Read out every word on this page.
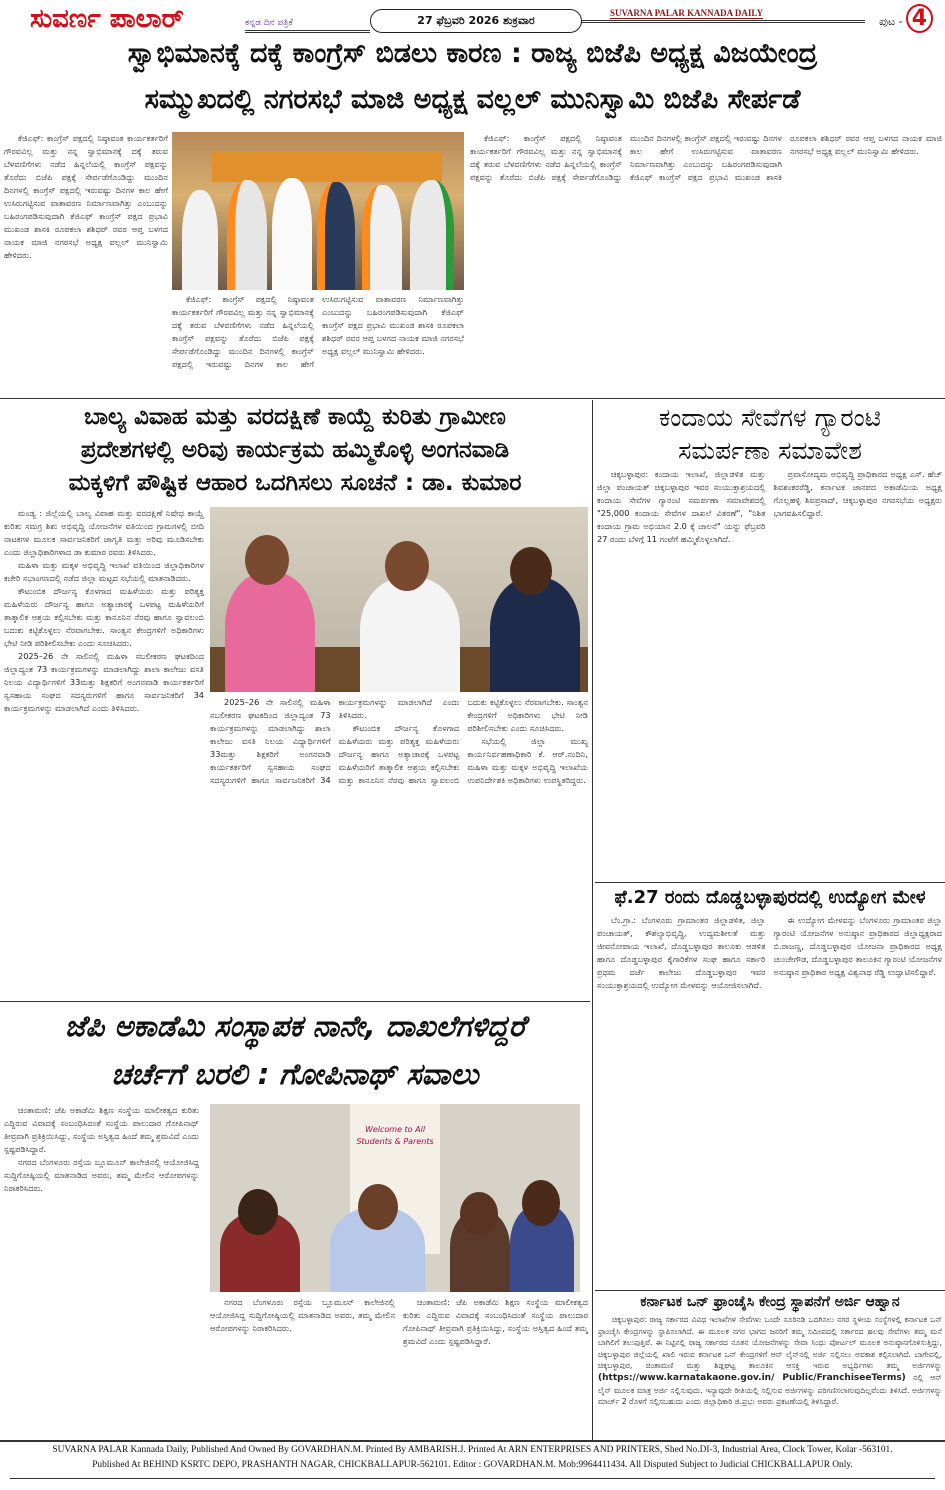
ಸುವರ್ಣ ಪಾಲಾರ್	ಕನ್ನಡ ದಿನ ಪತ್ರಿಕೆ	27 ಫೆಬ್ರವರಿ 2026 ಶುಕ್ರವಾರ
SUVARNA PALAR KANNADA DAILY
ಪುಟ - 4
ಸ್ವಾಭಿಮಾನಕ್ಕೆ ದಕ್ಕೆ ಕಾಂಗ್ರೆಸ್ ಬಿಡಲು ಕಾರಣ : ರಾಜ್ಯ ಬಿಜೆಪಿ ಅಧ್ಯಕ್ಷ ವಿಜಯೇಂದ್ರ
ಸಮ್ಮುಖದಲ್ಲಿ ನಗರಸಭೆ ಮಾಜಿ ಅಧ್ಯಕ್ಷ ವಲ್ಲಲ್ ಮುನಿಸ್ವಾಮಿ ಬಿಜೆಪಿ ಸೇರ್ಪಡೆ

ಕೆಜಿಎಫ್: ಕಾಂಗ್ರೆಸ್ ಪಕ್ಷದಲ್ಲಿ ನಿಷ್ಠಾವಂತ ಕಾರ್ಯಕರ್ತರಿಗೆ ಗೌರವವಿಲ್ಲ ಮತ್ತು ನನ್ನ ಸ್ವಾಭಿಮಾನಕ್ಕೆ ದಕ್ಕೆ ತರುವ ಬೆಳವಣಿಗೆಗಳು ನಡೆದ ಹಿನ್ನಲೆಯಲ್ಲಿ ಕಾಂಗ್ರೆಸ್ ಪಕ್ಷವನ್ನು ತೊರೆದು ಬಿಜೆಪಿ ಪಕ್ಷಕ್ಕೆ ಸೇರ್ಪಡೆಗೊಂಡಿದ್ದು ಮುಂದಿನ ದಿನಗಳಲ್ಲಿ ಕಾಂಗ್ರೆಸ್ ಪಕ್ಷದಲ್ಲಿ ಇರುವಷ್ಟು ದಿನಗಳ ಕಾಲ ಹೇಗೆ ಉಸಿರುಗಟ್ಟಿಸುವ ವಾತಾವರಣ ನಿರ್ಮಾಣವಾಗಿತ್ತು ಎಂಬುದನ್ನು ಬಹಿರಂಗಪಡಿಸುವುದಾಗಿ ಕೆಜಿಎಫ್ ಕಾಂಗ್ರೆಸ್ ಪಕ್ಷದ ಪ್ರಭಾವಿ ಮುಖಂಡ ಶಾಸಕಿ ರೂಪಕಲಾ ಶಶಿಧರ್ ರವರ ಆಪ್ತ ಬಳಗದ ನಾಯಕ ಮಾಜಿ ನಗರಸಭೆ ಅಧ್ಯಕ್ಷ ವಲ್ಲಲ್ ಮುನಿಸ್ವಾಮಿ ಹೇಳಿದರು.

ಕೆಜಿಎಫ್: ಕಾಂಗ್ರೆಸ್ ಪಕ್ಷದಲ್ಲಿ ನಿಷ್ಠಾವಂತ ಕಾರ್ಯಕರ್ತರಿಗೆ ಗೌರವವಿಲ್ಲ ಮತ್ತು ನನ್ನ ಸ್ವಾಭಿಮಾನಕ್ಕೆ ದಕ್ಕೆ ತರುವ ಬೆಳವಣಿಗೆಗಳು ನಡೆದ ಹಿನ್ನಲೆಯಲ್ಲಿ ಕಾಂಗ್ರೆಸ್ ಪಕ್ಷವನ್ನು ತೊರೆದು ಬಿಜೆಪಿ ಪಕ್ಷಕ್ಕೆ ಸೇರ್ಪಡೆಗೊಂಡಿದ್ದು ಮುಂದಿನ ದಿನಗಳಲ್ಲಿ ಕಾಂಗ್ರೆಸ್ ಪಕ್ಷದಲ್ಲಿ ಇರುವಷ್ಟು ದಿನಗಳ ಕಾಲ ಹೇಗೆ ಉಸಿರುಗಟ್ಟಿಸುವ ವಾತಾವರಣ ನಿರ್ಮಾಣವಾಗಿತ್ತು ಎಂಬುದನ್ನು ಬಹಿರಂಗಪಡಿಸುವುದಾಗಿ ಕೆಜಿಎಫ್ ಕಾಂಗ್ರೆಸ್ ಪಕ್ಷದ ಪ್ರಭಾವಿ ಮುಖಂಡ ಶಾಸಕಿ ರೂಪಕಲಾ ಶಶಿಧರ್ ರವರ ಆಪ್ತ ಬಳಗದ ನಾಯಕ ಮಾಜಿ ನಗರಸಭೆ ಅಧ್ಯಕ್ಷ ವಲ್ಲಲ್ ಮುನಿಸ್ವಾಮಿ ಹೇಳಿದರು.

ಕೆಜಿಎಫ್: ಕಾಂಗ್ರೆಸ್ ಪಕ್ಷದಲ್ಲಿ ನಿಷ್ಠಾವಂತ ಕಾರ್ಯಕರ್ತರಿಗೆ ಗೌರವವಿಲ್ಲ ಮತ್ತು ನನ್ನ ಸ್ವಾಭಿಮಾನಕ್ಕೆ ದಕ್ಕೆ ತರುವ ಬೆಳವಣಿಗೆಗಳು ನಡೆದ ಹಿನ್ನಲೆಯಲ್ಲಿ ಕಾಂಗ್ರೆಸ್ ಪಕ್ಷವನ್ನು ತೊರೆದು ಬಿಜೆಪಿ ಪಕ್ಷಕ್ಕೆ ಸೇರ್ಪಡೆಗೊಂಡಿದ್ದು ಮುಂದಿನ ದಿನಗಳಲ್ಲಿ ಕಾಂಗ್ರೆಸ್ ಪಕ್ಷದಲ್ಲಿ ಇರುವಷ್ಟು ದಿನಗಳ ಕಾಲ ಹೇಗೆ ಉಸಿರುಗಟ್ಟಿಸುವ ವಾತಾವರಣ ನಿರ್ಮಾಣವಾಗಿತ್ತು ಎಂಬುದನ್ನು ಬಹಿರಂಗಪಡಿಸುವುದಾಗಿ ಕೆಜಿಎಫ್ ಕಾಂಗ್ರೆಸ್ ಪಕ್ಷದ ಪ್ರಭಾವಿ ಮುಖಂಡ ಶಾಸಕಿ ರೂಪಕಲಾ ಶಶಿಧರ್ ರವರ ಆಪ್ತ ಬಳಗದ ನಾಯಕ ಮಾಜಿ ನಗರಸಭೆ ಅಧ್ಯಕ್ಷ ವಲ್ಲಲ್ ಮುನಿಸ್ವಾಮಿ ಹೇಳಿದರು.

ಬಾಲ್ಯ ವಿವಾಹ ಮತ್ತು ವರದಕ್ಷಿಣೆ ಕಾಯ್ದೆ ಕುರಿತು ಗ್ರಾಮೀಣ
ಪ್ರದೇಶಗಳಲ್ಲಿ ಅರಿವು ಕಾರ್ಯಕ್ರಮ ಹಮ್ಮಿಕೊಳ್ಳಿ ಅಂಗನವಾಡಿ
ಮಕ್ಕಳಿಗೆ ಪೌಷ್ಟಿಕ ಆಹಾರ ಒದಗಿಸಲು ಸೂಚನೆ : ಡಾ. ಕುಮಾರ

ಮಂಡ್ಯ : ಜಿಲ್ಲೆಯಲ್ಲಿ ಬಾಲ್ಯ ವಿವಾಹ ಮತ್ತು ವರದಕ್ಷಿಣೆ ನಿಷೇಧ ಕಾಯ್ದೆ ಕುರಿತು ಸಮಗ್ರ ಶಿಶು ಅಭಿವೃದ್ಧಿ ಯೋಜನೆಗಳ ವತಿಯಿಂದ ಗ್ರಾಮಗಳಲ್ಲಿ ಬೀದಿ ನಾಟಕಗಳ ಮೂಲಕ ಸಾರ್ವಜನಿಕರಿಗೆ ಜಾಗೃತಿ ಮತ್ತು ಅರಿವು ಮೂಡಿಸಬೇಕು ಎಂದು ಜಿಲ್ಲಾಧಿಕಾರಿಗಳಾದ ಡಾ ಕುಮಾರ ರವರು ತಿಳಿಸಿದರು.

ಮಹಿಳಾ ಮತ್ತು ಮಕ್ಕಳ ಅಭಿವೃದ್ಧಿ ಇಲಾಖೆ ವತಿಯಿಂದ ಜಿಲ್ಲಾಧಿಕಾರಿಗಳ ಕಚೇರಿ ಸಭಾಂಗಣದಲ್ಲಿ ನಡೆದ ಜಿಲ್ಲಾ ಮಟ್ಟದ ಸಭೆಯಲ್ಲಿ ಮಾತನಾಡಿದರು.

ಕೌಟುಂಬಿಕ ದೌರ್ಜನ್ಯ ಕೊಳಗಾದ ಮಹಿಳೆಯರು ಮತ್ತು ಪರಿತ್ಯಕ್ತ ಮಹಿಳೆಯರು ದೌರ್ಜನ್ಯ ಹಾಗೂ ಅತ್ಯಾಚಾರಕ್ಕೆ ಒಳಪಟ್ಟ ಮಹಿಳೆಯರಿಗೆ ತಾತ್ಕಾಲಿಕ ಆಶ್ರಯ ಕಲ್ಪಿಸಬೇಕು ಮತ್ತು ಕಾನೂನಿನ ನೆರವು ಹಾಗೂ ಸ್ವಾವಲಂಬಿ ಬದುಕು ಕಟ್ಟಿಕೊಳ್ಳಲು ನೆರವಾಗಬೇಕು. ಸಾಂತ್ವನ ಕೇಂದ್ರಗಳಿಗೆ ಅಧಿಕಾರಿಗಳು ಭೇಟಿ ನೀಡಿ ಪರಿಶೀಲಿಸಬೇಕು ಎಂದು ಸೂಚಿಸಿದರು.

2025–26 ನೇ ಸಾಲಿನಲ್ಲಿ ಮಹಿಳಾ ಸಬಲೀಕರಣ ಘಟಕದಿಂದ ಜಿಲ್ಲಾದ್ಯಂತ 73 ಕಾರ್ಯಕ್ರಮಗಳನ್ನು ಮಾಡಲಾಗಿದ್ದು ಶಾಲಾ ಕಾಲೇಜು ವಸತಿ ನಿಲಯ ವಿದ್ಯಾರ್ಥಿಗಳಿಗೆ 33ಮತ್ತು ಶಿಕ್ಷಕರಿಗೆ ಅಂಗನವಾಡಿ ಕಾರ್ಯಕರ್ತರಿಗೆ ಸ್ವಸಹಾಯ ಸಂಘದ ಸದಸ್ಯರುಗಳಿಗೆ ಹಾಗೂ ಸಾರ್ವಜನಿಕರಿಗೆ 34 ಕಾರ್ಯಕ್ರಮಗಳನ್ನು ಮಾಡಲಾಗಿದೆ ಎಂದು ತಿಳಿಸಿದರು.

2025–26 ನೇ ಸಾಲಿನಲ್ಲಿ ಮಹಿಳಾ ಸಬಲೀಕರಣ ಘಟಕದಿಂದ ಜಿಲ್ಲಾದ್ಯಂತ 73 ಕಾರ್ಯಕ್ರಮಗಳನ್ನು ಮಾಡಲಾಗಿದ್ದು ಶಾಲಾ ಕಾಲೇಜು ವಸತಿ ನಿಲಯ ವಿದ್ಯಾರ್ಥಿಗಳಿಗೆ 33ಮತ್ತು ಶಿಕ್ಷಕರಿಗೆ ಅಂಗನವಾಡಿ ಕಾರ್ಯಕರ್ತರಿಗೆ ಸ್ವಸಹಾಯ ಸಂಘದ ಸದಸ್ಯರುಗಳಿಗೆ ಹಾಗೂ ಸಾರ್ವಜನಿಕರಿಗೆ 34 ಕಾರ್ಯಕ್ರಮಗಳನ್ನು ಮಾಡಲಾಗಿದೆ ಎಂದು ತಿಳಿಸಿದರು.

ಕೌಟುಂಬಿಕ ದೌರ್ಜನ್ಯ ಕೊಳಗಾದ ಮಹಿಳೆಯರು ಮತ್ತು ಪರಿತ್ಯಕ್ತ ಮಹಿಳೆಯರು ದೌರ್ಜನ್ಯ ಹಾಗೂ ಅತ್ಯಾಚಾರಕ್ಕೆ ಒಳಪಟ್ಟ ಮಹಿಳೆಯರಿಗೆ ತಾತ್ಕಾಲಿಕ ಆಶ್ರಯ ಕಲ್ಪಿಸಬೇಕು ಮತ್ತು ಕಾನೂನಿನ ನೆರವು ಹಾಗೂ ಸ್ವಾವಲಂಬಿ ಬದುಕು ಕಟ್ಟಿಕೊಳ್ಳಲು ನೆರವಾಗಬೇಕು. ಸಾಂತ್ವನ ಕೇಂದ್ರಗಳಿಗೆ ಅಧಿಕಾರಿಗಳು ಭೇಟಿ ನೀಡಿ ಪರಿಶೀಲಿಸಬೇಕು ಎಂದು ಸೂಚಿಸಿದರು.

ಸಭೆಯಲ್ಲಿ ಜಿಲ್ಲಾ ಮುಖ್ಯ ಕಾರ್ಯನಿರ್ವಹಣಾಧಿಕಾರಿ ಕೆ. ಆರ್.ನಂದಿನಿ, ಮಹಿಳಾ ಮತ್ತು ಮಕ್ಕಳ ಅಭಿವೃದ್ಧಿ ಇಲಾಖೆಯ ಉಪನಿರ್ದೇಶಕಿ ಅಧಿಕಾರಿಗಳು ಉಪಸ್ಥಿತರಿದ್ದರು.

ಕಂದಾಯ ಸೇವೆಗಳ ಗ್ಯಾರಂಟಿ
ಸಮರ್ಪಣಾ ಸಮಾವೇಶ

ಚಿಕ್ಕಬಳ್ಳಾಪುರ: ಕಂದಾಯ ಇಲಾಖೆ, ಜಿಲ್ಲಾಡಳಿತ ಮತ್ತು ಜಿಲ್ಲಾ ಪಂಚಾಯತ್ ಚಿಕ್ಕಬಳ್ಳಾಪುರ ಇವರ ಸಂಯುಕ್ತಾಶ್ರಯದಲ್ಲಿ ಕಂದಾಯ ಸೇವೆಗಳ ಗ್ಯಾರಂಟಿ ಸಮರ್ಪಣಾ ಸಮಾವೇಶದಲ್ಲಿ "25,000 ಕಂದಾಯ ಸೇವೆಗಳ ದಾಖಲೆ ವಿತರಣೆ", "ನಿಶಿತ ಕಂದಾಯ ಗ್ರಾಮ ಅಭಿಯಾನ 2.0 ಕ್ಕೆ ಚಾಲನೆ" ಯನ್ನು ಫೆಬ್ರವರಿ 27 ರಂದು ಬೆಳಗ್ಗೆ 11 ಗಂಟೆಗೆ ಹಮ್ಮಿಕೊಳ್ಳಲಾಗಿದೆ.

ಪ್ರವಾಸೋದ್ಯಮ ಅಭಿವೃದ್ಧಿ ಪ್ರಾಧಿಕಾರದ ಅಧ್ಯಕ್ಷ ಎಸ್. ಹೆಚ್ ಶಿವಶಂಕರರೆಡ್ಡಿ, ಕರ್ನಾಟಕ ಜಾನಪದ ಅಕಾಡೆಮಿಯ ಅಧ್ಯಕ್ಷ ಗೊಲ್ಲಹಳ್ಳಿ ಶಿವಪ್ರಸಾದ್, ಚಿಕ್ಕಬಳ್ಳಾಪುರ ನಗರಸಭೆಯ ಅಧ್ಯಕ್ಷರು ಭಾಗವಹಿಸಲಿದ್ದಾರೆ.

ಫೆ.27 ರಂದು ದೊಡ್ಡಬಳ್ಳಾಪುರದಲ್ಲಿ ಉದ್ಯೋಗ ಮೇಳ

ಬೆಂ.ಗ್ರಾ.: ಬೆಂಗಳೂರು ಗ್ರಾಮಾಂತರ ಜಿಲ್ಲಾಡಳಿತ, ಜಿಲ್ಲಾ ಪಂಚಾಯತ್, ಕೌಶಲ್ಯಾಭಿವೃದ್ಧಿ, ಉದ್ಯಮಶೀಲತೆ ಮತ್ತು ಜೀವನೋಪಾಯ ಇಲಾಖೆ, ದೊಡ್ಡಬಳ್ಳಾಪುರ ತಾಲೂಕು ಆಡಳಿತ ಹಾಗೂ ದೊಡ್ಡಬಳ್ಳಾಪುರ ಕೈಗಾರಿಕೆಗಳ ಸಂಘ ಹಾಗೂ ಸರ್ಕಾರಿ ಪ್ರಥಮ ದರ್ಜೆ ಕಾಲೇಜು ದೊಡ್ಡಬಳ್ಳಾಪುರ ಇವರ ಸಂಯುಕ್ತಾಶ್ರಯದಲ್ಲಿ ಉದ್ಯೋಗ ಮೇಳವನ್ನು ಆಯೋಜಿಸಲಾಗಿದೆ.

ಈ ಉದ್ಯೋಗ ಮೇಳವನ್ನು ಬೆಂಗಳೂರು ಗ್ರಾಮಾಂತರ ಜಿಲ್ಲಾ ಗ್ಯಾರಂಟಿ ಯೋಜನೆಗಳ ಅನುಷ್ಠಾನ ಪ್ರಾಧಿಕಾರದ ಜಿಲ್ಲಾಧ್ಯಕ್ಷರಾದ ಬಿ.ರಾಜಣ್ಣ, ದೊಡ್ಡಬಳ್ಳಾಪುರ ಯೋಜನಾ ಪ್ರಾಧಿಕಾರದ ಅಧ್ಯಕ್ಷ ಚುಂಚೇಗೌಡ, ದೊಡ್ಡಬಳ್ಳಾಪುರ ತಾಲೂಕಿನ ಗ್ಯಾರಂಟಿ ಯೋಜನೆಗಳ ಅನುಷ್ಠಾನ ಪ್ರಾಧಿಕಾರ ಅಧ್ಯಕ್ಷ ವಿಶ್ವನಾಥ ರೆಡ್ಡಿ ಉದ್ಘಾಟಿಸಲಿದ್ದಾರೆ.

ಜೆಪಿ ಅಕಾಡೆಮಿ ಸಂಸ್ಥಾಪಕ ನಾನೇ, ದಾಖಲೆಗಳಿದ್ದರೆ
ಚರ್ಚೆಗೆ ಬರಲಿ : ಗೋಪಿನಾಥ್ ಸವಾಲು

ಚಿಂತಾಮಣಿ: ಜೆಪಿ ಅಕಾಡೆಮಿ ಶಿಕ್ಷಣ ಸಂಸ್ಥೆಯ ಮಾಲೀಕತ್ವದ ಕುರಿತು ಎದ್ದಿರುವ ವಿವಾದಕ್ಕೆ ಸಂಬಂಧಿಸಿದಂತೆ ಸಂಸ್ಥೆಯ ಪಾಲುದಾರ ಗೋಪಿನಾಥ್ ತೀವ್ರವಾಗಿ ಪ್ರತಿಕ್ರಿಯಿಸಿದ್ದು, ಸಂಸ್ಥೆಯ ಅಸ್ತಿತ್ವದ ಹಿಂದೆ ತಮ್ಮ ಶ್ರಮವಿದೆ ಎಂದು ಸ್ಪಷ್ಟಪಡಿಸಿದ್ದಾರೆ.

ನಗರದ ಬೆಂಗಳೂರು ರಸ್ತೆಯ ಬ್ಲೂಮೂನ್ ಕಾಲೇಜಿನಲ್ಲಿ ಆಯೋಜಿಸಿದ್ದ ಸುದ್ದಿಗೋಷ್ಠಿಯಲ್ಲಿ ಮಾತನಾಡಿದ ಅವರು, ತಮ್ಮ ಮೇಲಿನ ಆರೋಪಗಳನ್ನು ನಿರಾಕರಿಸಿದರು.

Welcome to All Students & Parents

ನಗರದ ಬೆಂಗಳೂರು ರಸ್ತೆಯ ಬ್ಲೂಮೂನ್ ಕಾಲೇಜಿನಲ್ಲಿ ಆಯೋಜಿಸಿದ್ದ ಸುದ್ದಿಗೋಷ್ಠಿಯಲ್ಲಿ ಮಾತನಾಡಿದ ಅವರು, ತಮ್ಮ ಮೇಲಿನ ಆರೋಪಗಳನ್ನು ನಿರಾಕರಿಸಿದರು.

ಚಿಂತಾಮಣಿ: ಜೆಪಿ ಅಕಾಡೆಮಿ ಶಿಕ್ಷಣ ಸಂಸ್ಥೆಯ ಮಾಲೀಕತ್ವದ ಕುರಿತು ಎದ್ದಿರುವ ವಿವಾದಕ್ಕೆ ಸಂಬಂಧಿಸಿದಂತೆ ಸಂಸ್ಥೆಯ ಪಾಲುದಾರ ಗೋಪಿನಾಥ್ ತೀವ್ರವಾಗಿ ಪ್ರತಿಕ್ರಿಯಿಸಿದ್ದು, ಸಂಸ್ಥೆಯ ಅಸ್ತಿತ್ವದ ಹಿಂದೆ ತಮ್ಮ ಶ್ರಮವಿದೆ ಎಂದು ಸ್ಪಷ್ಟಪಡಿಸಿದ್ದಾರೆ.

ಕರ್ನಾಟಕ ಒನ್ ಫ್ರಾಂಚೈಸಿ ಕೇಂದ್ರ ಸ್ಥಾಪನೆಗೆ ಅರ್ಜಿ ಆಹ್ವಾನ

ಚಿಕ್ಕಬಳ್ಳಾಪುರ: ರಾಜ್ಯ ಸರ್ಕಾರದ ವಿವಿಧ ಇಲಾಖೆಗಳ ಸೇವೆಗಳು ಒಂದೇ ಸೂರಿನಡಿ ಒದಗಿಸಲು ನಗರ ಸ್ಥಳೀಯ ಸಂಸ್ಥೆಗಳಲ್ಲಿ ಕರ್ನಾಟಕ ಒನ್ ಫ್ರಾಂಚೈಸಿ ಕೇಂದ್ರಗಳನ್ನು ಸ್ಥಾಪಿಸಲಾಗಿದೆ. ಈ ಮೂಲಕ ನಗರ ಭಾಗದ ಜನರಿಗೆ ತಮ್ಮ ಸಮೀಪದಲ್ಲಿ ಸರ್ಕಾರದ ಹಲವು ಸೇವೆಗಳು ತಮ್ಮ ಮನೆ ಬಾಗಿಲಿಗೆ ತಲುಪುತ್ತಿವೆ. ಈ ನಿಟ್ಟಿನಲ್ಲಿ ರಾಜ್ಯ ಸರ್ಕಾರದ ನೂತನ ಯೋಜನೆಗಳನ್ನು ಸೇವಾ ಸಿಂಧು ಪೋರ್ಟಲ್ ಮೂಲಕ ಅನುಷ್ಠಾನಗೊಳಿಸುತ್ತಿದ್ದು, ಚಿಕ್ಕಬಳ್ಳಾಪುರ ಜಿಲ್ಲೆಯಲ್ಲಿ ಖಾಲಿ ಇರುವ ಕರ್ನಾಟಕ ಒನ್ ಕೇಂದ್ರಗಳಿಗೆ ಆನ್ ಲೈನ್‌ನಲ್ಲಿ ಅರ್ಜಿ ಸಲ್ಲಿಸಲು ಅವಕಾಶ ಕಲ್ಪಿಸಲಾಗಿದೆ. ಬಾಗೇಪಲ್ಲಿ, ಚಿಕ್ಕಬಳ್ಳಾಪುರ, ಚಿಂತಾಮಣಿ ಮತ್ತು ಶಿಡ್ಲಘಟ್ಟ ತಾಲೂಕಿನ ಆಸಕ್ತಿ ಇರುವ ಅಭ್ಯರ್ಥಿಗಳು ತಮ್ಮ ಅರ್ಜಿಗಳನ್ನು (https://www.karnatakaone.gov.in/ Public/FranchiseeTerms) ನಲ್ಲಿ ಆನ್ ಲೈನ್ ಮೂಲಕ ಮಾತ್ರ ಅರ್ಜಿ ಸಲ್ಲಿಸುವುದು. ಇನ್ಯಾವುದೇ ರೀತಿಯಲ್ಲಿ ಸಲ್ಲಿಸುವ ಅರ್ಜಿಗಳನ್ನು ಪರಿಗಣಿಸಲಾಗುವುದಿಲ್ಲವೆಂದು ತಿಳಿಸಿದೆ. ಅರ್ಜಿಗಳನ್ನು ಮಾರ್ಚ್ 2 ರೊಳಗೆ ಸಲ್ಲಿಸಬಹುದು ಎಂದು ಜಿಲ್ಲಾಧಿಕಾರಿ ಜಿ.ಪ್ರಭು ಅವರು ಪ್ರಕಟಣೆಯಲ್ಲಿ ತಿಳಿಸಿದ್ದಾರೆ.

SUVARNA PALAR Kannada Daily, Published And Owned By GOVARDHAN.M. Printed By AMBARISH.J. Printed At ARN ENTERPRISES AND PRINTERS, Shed No.DI-3, Industrial Area, Clock Tower, Kolar -563101.
Published At BEHIND KSRTC DEPO, PRASHANTH NAGAR, CHICKBALLAPUR-562101. Editor : GOVARDHAN.M. Mob:9964411434. All Disputed Subject to Judicial CHICKBALLAPUR Only.
